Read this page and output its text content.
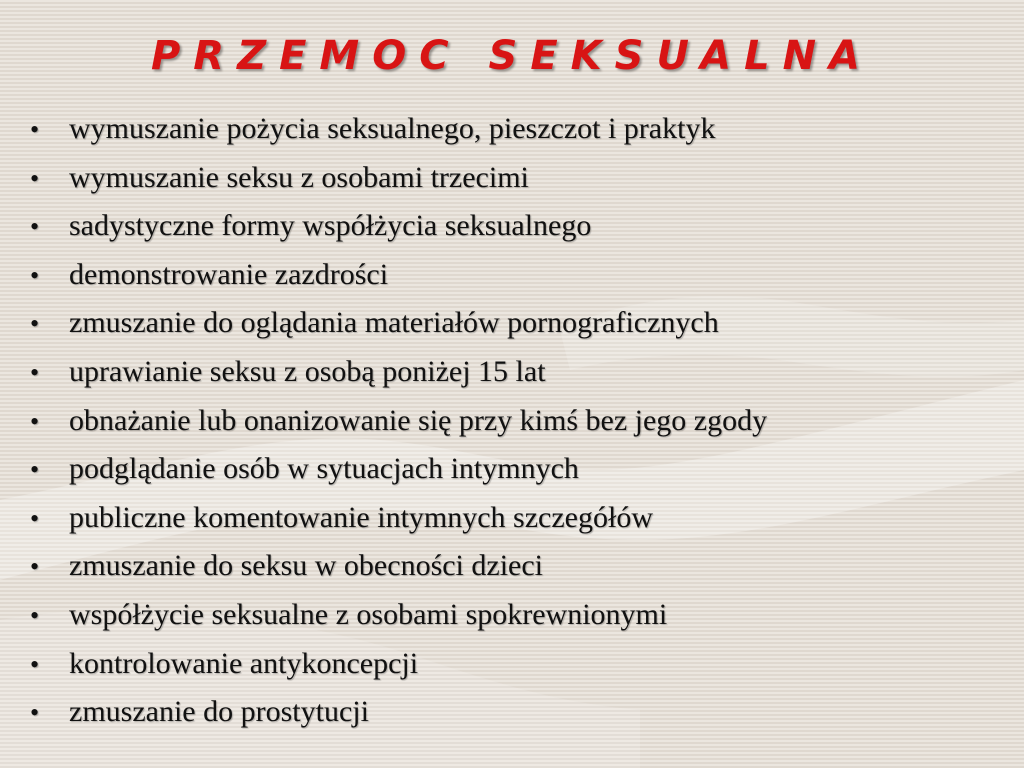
PRZEMOC SEKSUALNA
• wymuszanie pożycia seksualnego, pieszczot i praktyk
• wymuszanie seksu z osobami trzecimi
• sadystyczne formy współżycia seksualnego
• demonstrowanie zazdrości
• zmuszanie do oglądania materiałów pornograficznych
• uprawianie seksu z osobą poniżej 15 lat
• obnażanie lub onanizowanie się przy kimś bez jego zgody
• podglądanie osób w sytuacjach intymnych
• publiczne komentowanie intymnych szczegółów
• zmuszanie do seksu w obecności dzieci
• współżycie seksualne z osobami spokrewnionymi
• kontrolowanie antykoncepcji
• zmuszanie do prostytucji
